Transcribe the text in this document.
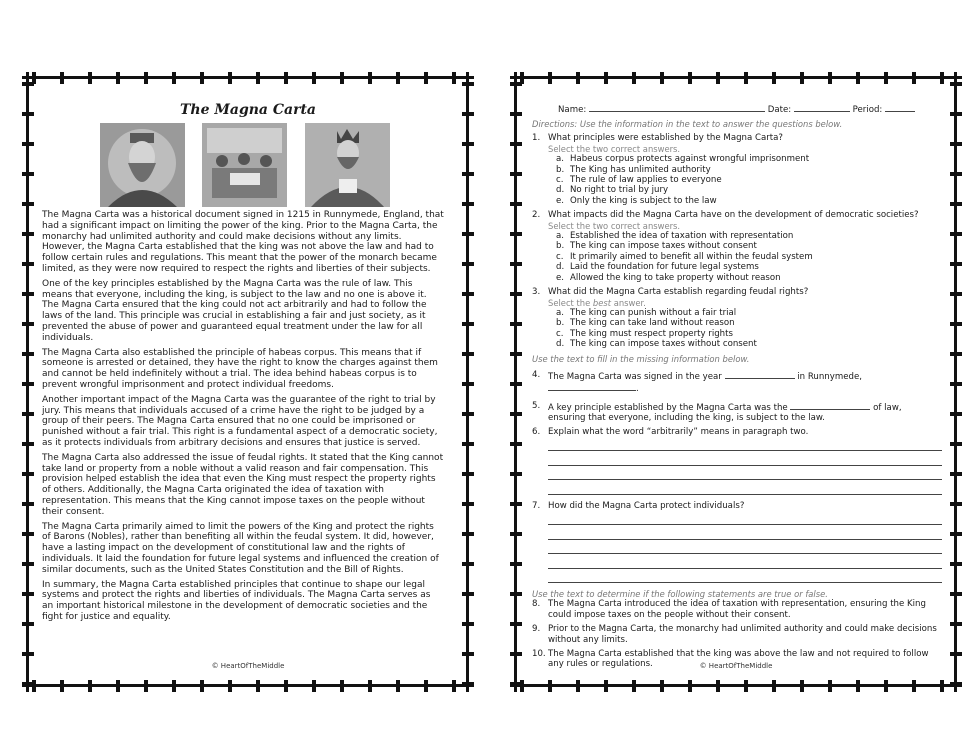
The Magna Carta

The Magna Carta was a historical document signed in 1215 in Runnymede, England, that had a significant impact on limiting the power of the king. Prior to the Magna Carta, the monarchy had unlimited authority and could make decisions without any limits. However, the Magna Carta established that the king was not above the law and had to follow certain rules and regulations. This meant that the power of the monarch became limited, as they were now required to respect the rights and liberties of their subjects.

One of the key principles established by the Magna Carta was the rule of law. This means that everyone, including the king, is subject to the law and no one is above it. The Magna Carta ensured that the king could not act arbitrarily and had to follow the laws of the land. This principle was crucial in establishing a fair and just society, as it prevented the abuse of power and guaranteed equal treatment under the law for all individuals.

The Magna Carta also established the principle of habeas corpus. This means that if someone is arrested or detained, they have the right to know the charges against them and cannot be held indefinitely without a trial. The idea behind habeas corpus is to prevent wrongful imprisonment and protect individual freedoms.

Another important impact of the Magna Carta was the guarantee of the right to trial by jury. This means that individuals accused of a crime have the right to be judged by a group of their peers. The Magna Carta ensured that no one could be imprisoned or punished without a fair trial. This right is a fundamental aspect of a democratic society, as it protects individuals from arbitrary decisions and ensures that justice is served.

The Magna Carta also addressed the issue of feudal rights. It stated that the King cannot take land or property from a noble without a valid reason and fair compensation. This provision helped establish the idea that even the King must respect the property rights of others. Additionally, the Magna Carta originated the idea of taxation with representation. This means that the King cannot impose taxes on the people without their consent.

The Magna Carta primarily aimed to limit the powers of the King and protect the rights of Barons (Nobles), rather than benefiting all within the feudal system. It did, however, have a lasting impact on the development of constitutional law and the rights of individuals. It laid the foundation for future legal systems and influenced the creation of similar documents, such as the United States Constitution and the Bill of Rights.

In summary, the Magna Carta established principles that continue to shape our legal systems and protect the rights and liberties of individuals. The Magna Carta serves as an important historical milestone in the development of democratic societies and the fight for justice and equality.

© HeartOfTheMiddle
Name:	Date:	Period:
Directions: Use the information in the text to answer the questions below.
1. What principles were established by the Magna Carta?
Select the two correct answers.
a. Habeus corpus protects against wrongful imprisonment
b. The King has unlimited authority
c. The rule of law applies to everyone
d. No right to trial by jury
e. Only the king is subject to the law
2. What impacts did the Magna Carta have on the development of democratic societies?
Select the two correct answers.
a. Established the idea of taxation with representation
b. The king can impose taxes without consent
c. It primarily aimed to benefit all within the feudal system
d. Laid the foundation for future legal systems
e. Allowed the king to take property without reason
3. What did the Magna Carta establish regarding feudal rights?
Select the best answer.
a. The king can punish without a fair trial
b. The king can take land without reason
c. The king must respect property rights
d. The king can impose taxes without consent
Use the text to fill in the missing information below.
4. The Magna Carta was signed in the year	in Runnymede,
.
5. A key principle established by the Magna Carta was the	of law,
ensuring that everyone, including the king, is subject to the law.
6. Explain what the word “arbitrarily” means in paragraph two.
7. How did the Magna Carta protect individuals?
Use the text to determine if the following statements are true or false.
8. The Magna Carta introduced the idea of taxation with representation, ensuring the King could impose taxes on the people without their consent.
9. Prior to the Magna Carta, the monarchy had unlimited authority and could make decisions without any limits.
10. The Magna Carta established that the king was above the law and not required to follow any rules or regulations.	© HeartOfTheMiddle
